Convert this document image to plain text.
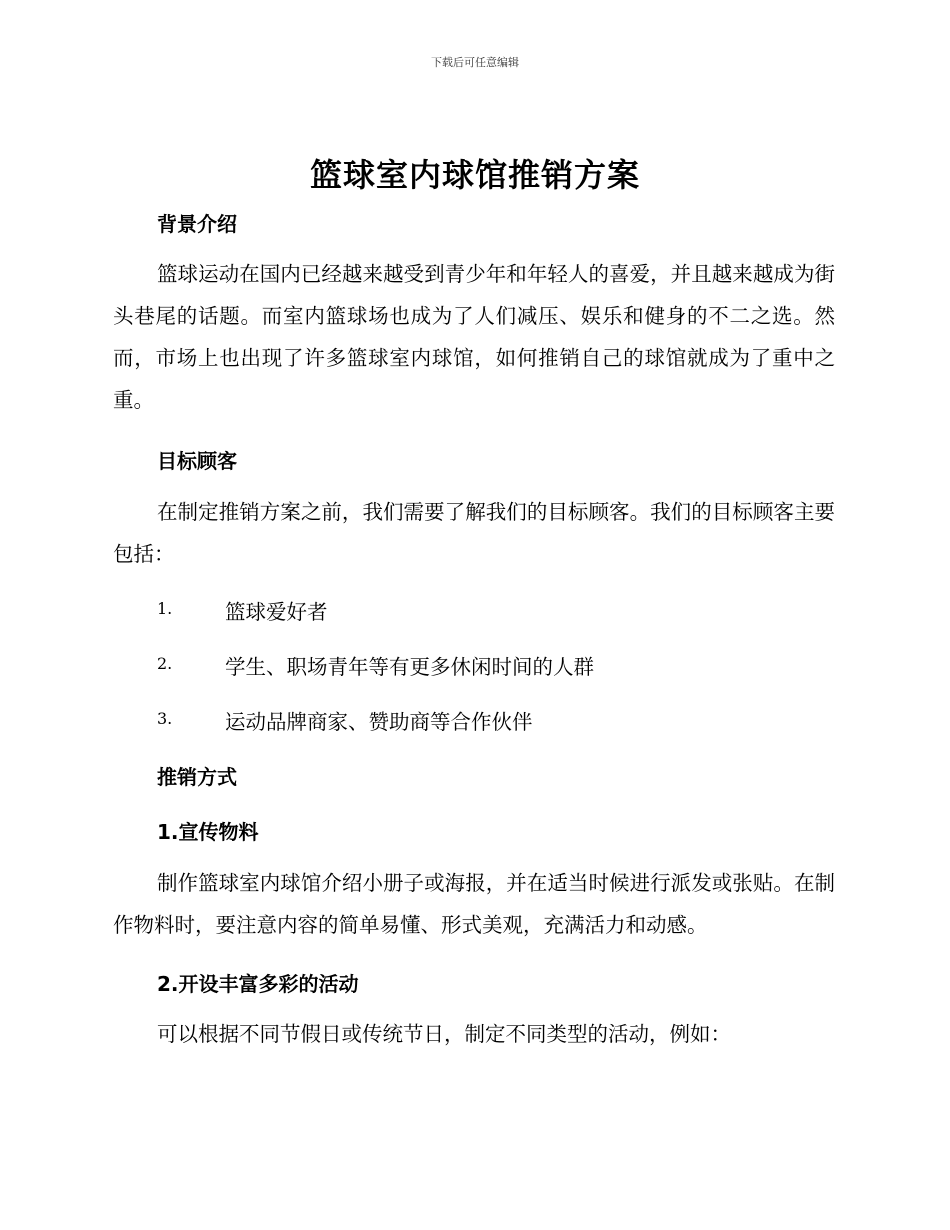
下载后可任意编辑
篮球室内球馆推销方案
背景介绍
篮球运动在国内已经越来越受到青少年和年轻人的喜爱，并且越来越成为街头巷尾的话题。而室内篮球场也成为了人们减压、娱乐和健身的不二之选。然而，市场上也出现了许多篮球室内球馆，如何推销自己的球馆就成为了重中之重。
目标顾客
在制定推销方案之前，我们需要了解我们的目标顾客。我们的目标顾客主要包括：
1.	篮球爱好者
2.	学生、职场青年等有更多休闲时间的人群
3.	运动品牌商家、赞助商等合作伙伴
推销方式
1.宣传物料
制作篮球室内球馆介绍小册子或海报，并在适当时候进行派发或张贴。在制作物料时，要注意内容的简单易懂、形式美观，充满活力和动感。
2.开设丰富多彩的活动
可以根据不同节假日或传统节日，制定不同类型的活动，例如：
